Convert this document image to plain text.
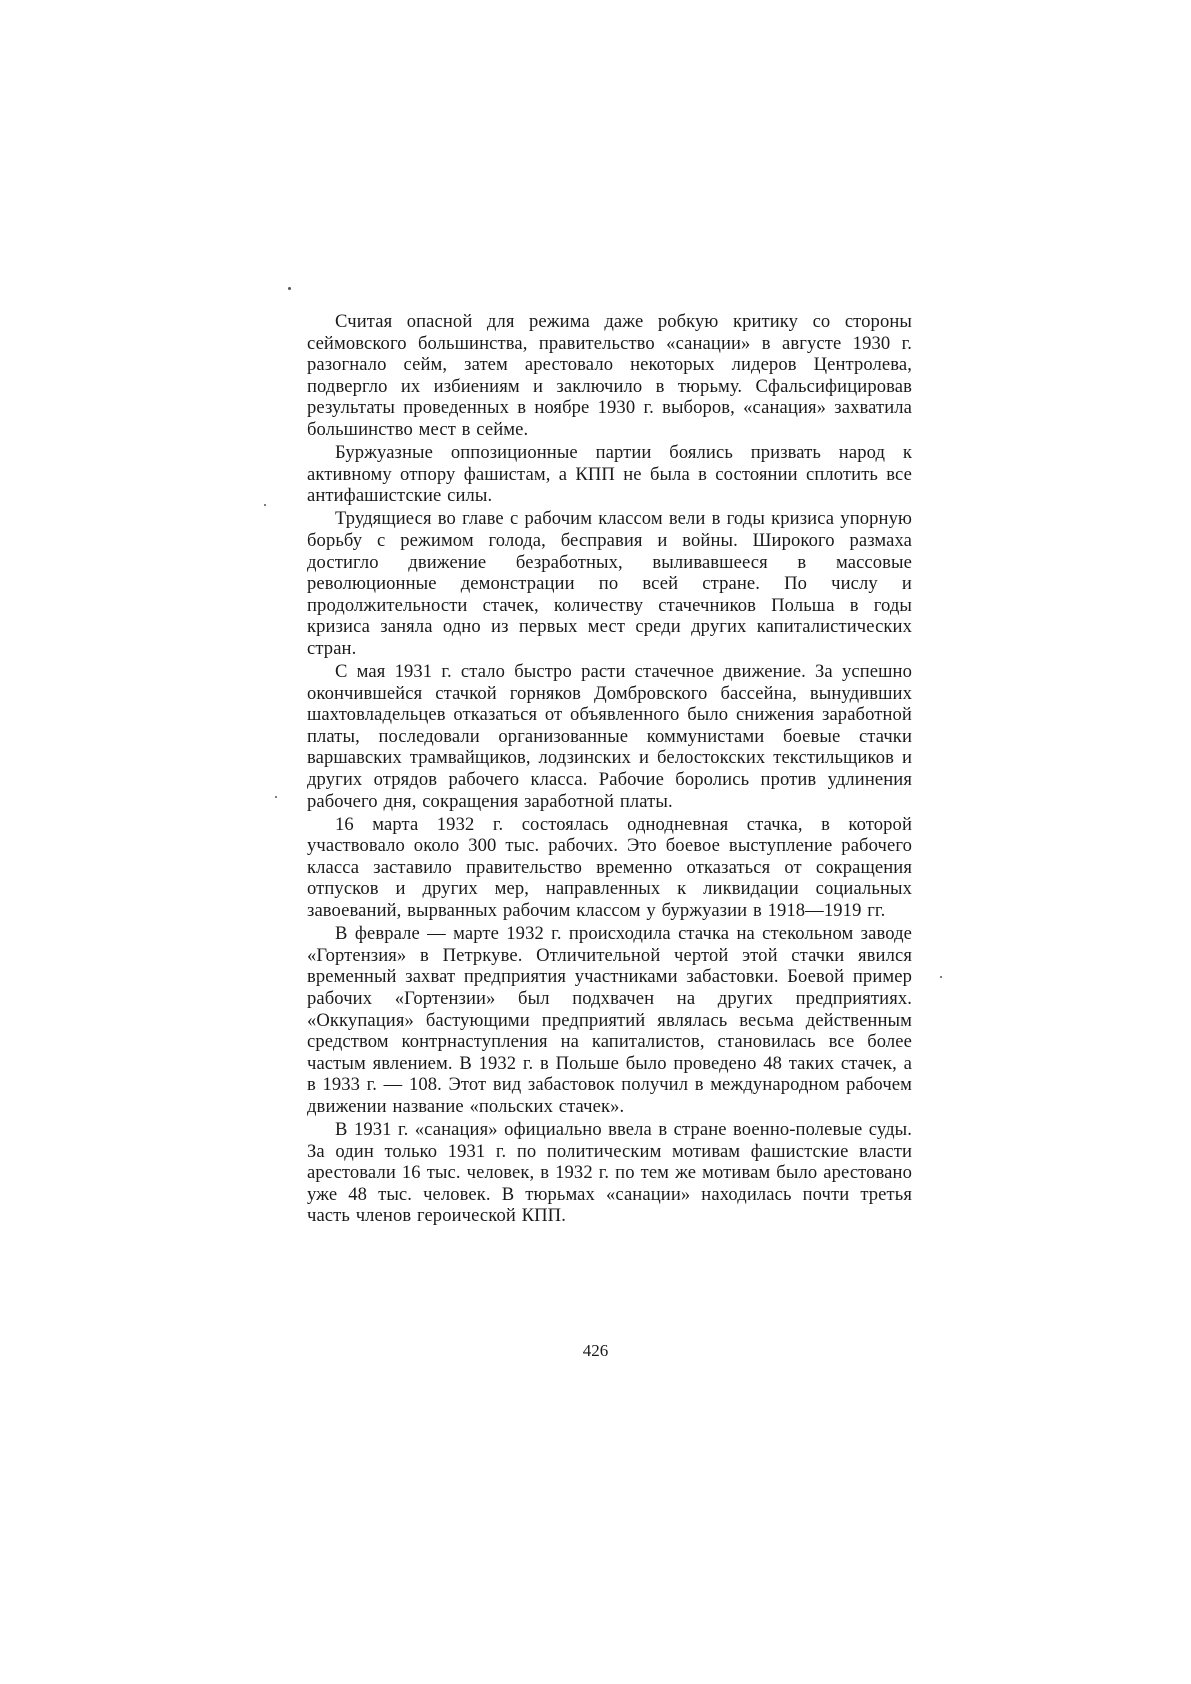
Считая опасной для режима даже робкую критику со стороны сеймовского большинства, правительство «санации» в августе 1930 г. разогнало сейм, затем арестовало некоторых лидеров Центролева, подвергло их избиениям и заключило в тюрьму. Сфальсифицировав результаты проведенных в ноябре 1930 г. выборов, «санация» захватила большинство мест в сейме.

Буржуазные оппозиционные партии боялись призвать народ к активному отпору фашистам, а КПП не была в состоянии сплотить все антифашистские силы.

Трудящиеся во главе с рабочим классом вели в годы кризиса упорную борьбу с режимом голода, бесправия и войны. Широкого размаха достигло движение безработных, выливавшееся в массовые революционные демонстрации по всей стране. По числу и продолжительности стачек, количеству стачечников Польша в годы кризиса заняла одно из первых мест среди других капиталистических стран.

С мая 1931 г. стало быстро расти стачечное движение. За успешно окончившейся стачкой горняков Домбровского бассейна, вынудивших шахтовладельцев отказаться от объявленного было снижения заработной платы, последовали организованные коммунистами боевые стачки варшавских трамвайщиков, лодзинских и белостокских текстильщиков и других отрядов рабочего класса. Рабочие боролись против удлинения рабочего дня, сокращения заработной платы.

16 марта 1932 г. состоялась однодневная стачка, в которой участвовало около 300 тыс. рабочих. Это боевое выступление рабочего класса заставило правительство временно отказаться от сокращения отпусков и других мер, направленных к ликвидации социальных завоеваний, вырванных рабочим классом у буржуазии в 1918—1919 гг.

В феврале — марте 1932 г. происходила стачка на стекольном заводе «Гортензия» в Петркуве. Отличительной чертой этой стачки явился временный захват предприятия участниками забастовки. Боевой пример рабочих «Гортензии» был подхвачен на других предприятиях. «Оккупация» бастующими предприятий являлась весьма действенным средством контрнаступления на капиталистов, становилась все более частым явлением. В 1932 г. в Польше было проведено 48 таких стачек, а в 1933 г. — 108. Этот вид забастовок получил в международном рабочем движении название «польских стачек».

В 1931 г. «санация» официально ввела в стране военно-полевые суды. За один только 1931 г. по политическим мотивам фашистские власти арестовали 16 тыс. человек, в 1932 г. по тем же мотивам было арестовано уже 48 тыс. человек. В тюрьмах «санации» находилась почти третья часть членов героической КПП.

426
